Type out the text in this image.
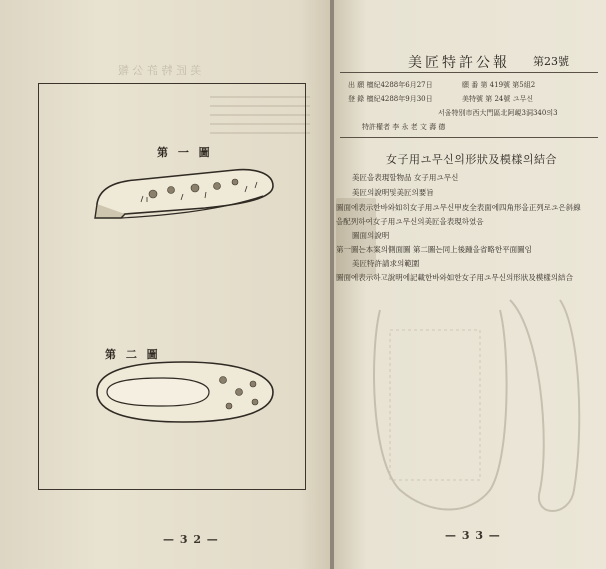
美 匠 特 許 公 報
第 一 圖
第 二 圖
— 3 2 —
美匠特許公報 第23號
出 願 檀紀4288年6月27日	願 番 第 419號 第5組2
登 錄 檀紀4288年9月30日	美特號 第 24號 ユ무신
서울特別市西大門區北阿峴3洞340의3
特許權者 李 永 老 文 壽 德
女子用ユ무신의形狀及模樣의結合
美匠을表現할物品 女子用ユ무신
美匠의說明및美匠의要旨
圖面에表示한바와如히女子用ユ무신甲皮全表面에四角形을正列로ユ은斜線
을配列하여女子用ユ무신의美匠을表現하였음
圖面의說明
第一圖는本案의側面圖 第二圖는同上後踵을省略한平面圖임
美匠特許請求의範圍
圖面에表示하고說明에記載한바와如한女子用ユ무신의形狀及模樣의結合
— 3 3 —
